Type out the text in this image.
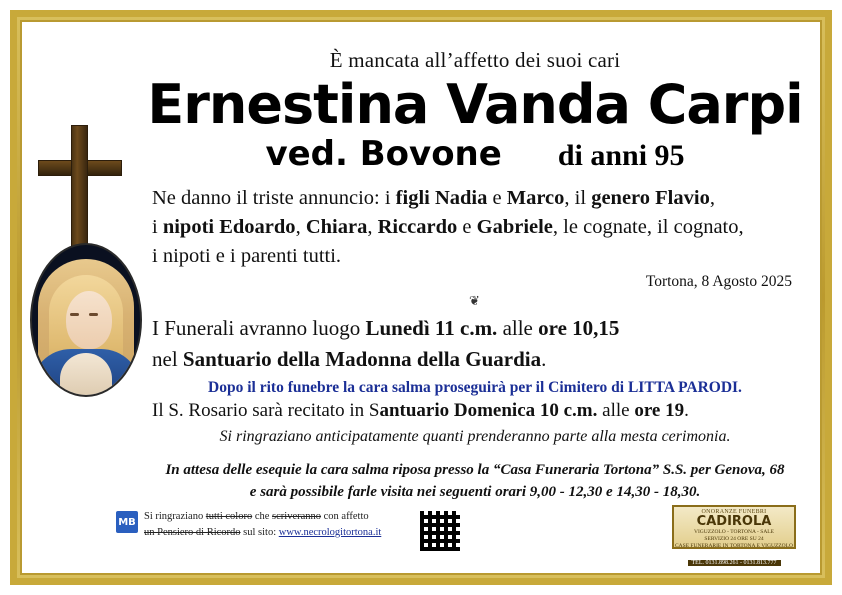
È mancata all’affetto dei suoi cari
Ernestina Vanda Carpi
ved. Bovone di anni 95
Ne danno il triste annuncio: i figli Nadia e Marco, il genero Flavio,
i nipoti Edoardo, Chiara, Riccardo e Gabriele, le cognate, il cognato,
i nipoti e i parenti tutti.
Tortona, 8 Agosto 2025
❦
I Funerali avranno luogo Lunedì 11 c.m. alle ore 10,15
nel Santuario della Madonna della Guardia.
Dopo il rito funebre la cara salma proseguirà per il Cimitero di LITTA PARODI.
Il S. Rosario sarà recitato in Santuario Domenica 10 c.m. alle ore 19.
Si ringraziano anticipatamente quanti prenderanno parte alla mesta cerimonia.
In attesa delle esequie la cara salma riposa presso la “Casa Funeraria Tortona” S.S. per Genova, 68
e sarà possibile farle visita nei seguenti orari 9,00 - 12,30 e 14,30 - 18,30.
MB Si ringraziano tutti coloro che scriveranno con affetto
un Pensiero di Ricordo sul sito: www.necrologitortona.it
ONORANZE FUNEBRI
CADIROLA
VIGUZZOLO - TORTONA - SALE
SERVIZIO 24 ORE SU 24
CASE FUNERARIE IN TORTONA E VIGUZZOLO
TEL. 0131.898.261 - 0131.813.777
